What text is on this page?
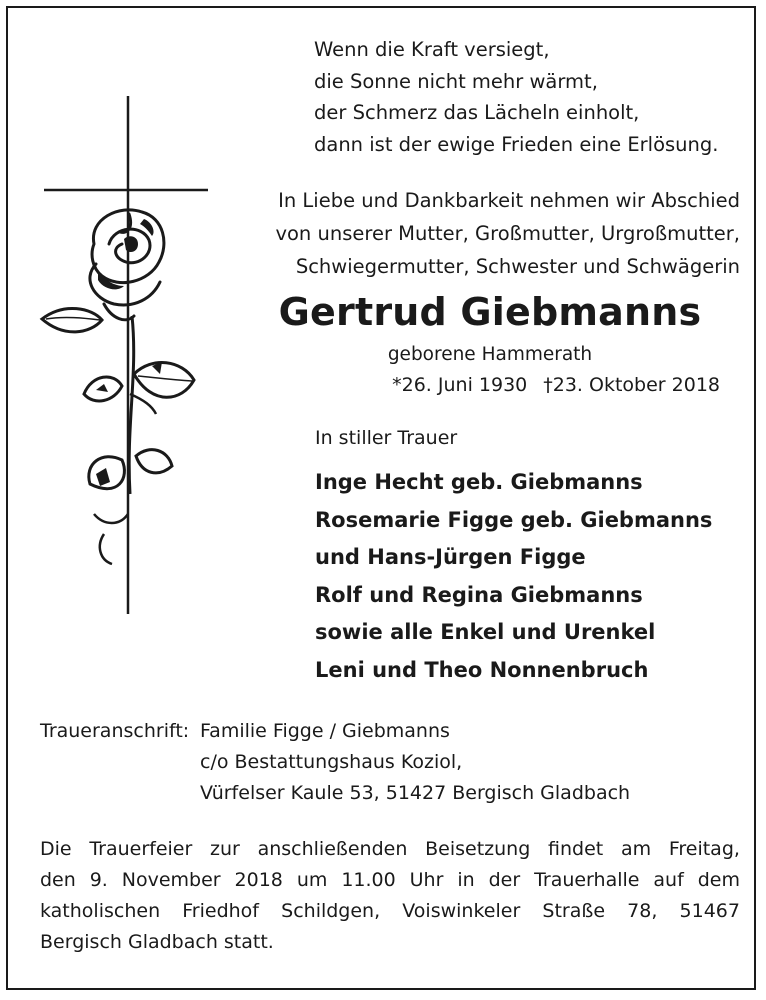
Wenn die Kraft versiegt,
die Sonne nicht mehr wärmt,
der Schmerz das Lächeln einholt,
dann ist der ewige Frieden eine Erlösung.
In Liebe und Dankbarkeit nehmen wir Abschied
von unserer Mutter, Großmutter, Urgroßmutter,
Schwiegermutter, Schwester und Schwägerin
Gertrud Giebmanns
geborene Hammerath
*26. Juni 1930 †23. Oktober 2018
In stiller Trauer
Inge Hecht geb. Giebmanns
Rosemarie Figge geb. Giebmanns
und Hans-Jürgen Figge
Rolf und Regina Giebmanns
sowie alle Enkel und Urenkel
Leni und Theo Nonnenbruch
Traueranschrift: Familie Figge / Giebmanns
c/o Bestattungshaus Koziol,
Vürfelser Kaule 53, 51427 Bergisch Gladbach
Die Trauerfeier zur anschließenden Beisetzung findet am Freitag,
den 9. November 2018 um 11.00 Uhr in der Trauerhalle auf dem
katholischen Friedhof Schildgen, Voiswinkeler Straße 78, 51467
Bergisch Gladbach statt.
